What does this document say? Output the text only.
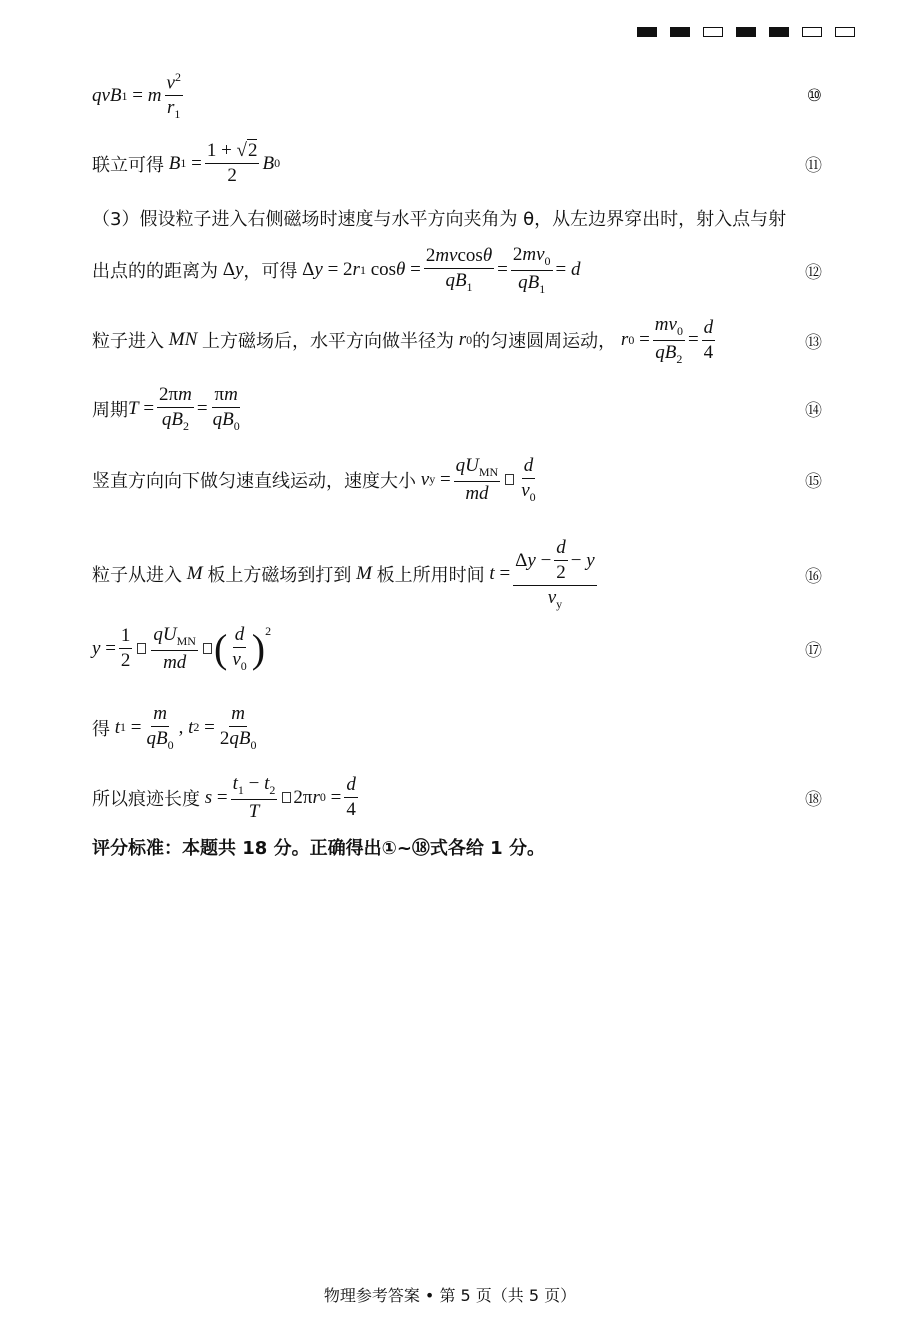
qvB 1
= m $\frac{v^2}{r_1}$	⑩
联立可得 B 1
= $\frac{1 + √2}{2}$ B 0	⑪
（3）假设粒子进入右侧磁场时速度与水平方向夹角为 θ，从左边界穿出时，射入点与射
出点的的距离为
Δ y ，可得
Δ y = 2 r 1 $\cos \theta = \frac{2mvcos\theta}{qB_1} = \frac{2mv_0}{qB_1} = d$	⑫
粒子进入 MN 上方磁场后，水平方向做半径为 r 0 的匀速圆周运动， r 0
= $\frac{mv_0}{qB_2} = \frac{d}{4}$	⑬
周期 $T = \frac{2\pi m}{qB_2} = \frac{\pi m}{qB_0}$	⑭
竖直方向向下做匀速直线运动，速度大小 v y
= $\frac{qU_{MN}}{md} \frac{d}{v_0}$	⑮
粒子从进入 M 板上方磁场到打到 M 板上所用时间 $t = \frac{\Delta y - \frac{d}{2} - y}{v_y}$	⑯
$y = \frac{1}{2} \frac{qU_{MN}}{md}$ ( $\frac{d}{v_0} )^2$
⑰
得 t 1
= $\frac{m}{qB_0}$ , t 2
= $\frac{m}{2qB_0}$
所以痕迹长度 $s = \frac{t_1 - t_2}{T} 2\pi$ r 0
= $\frac{d}{4}$	⑱
评分标准：本题共 18 分。正确得出①~⑱式各给 1 分。
物理参考答案 • 第 5 页（共 5 页）
